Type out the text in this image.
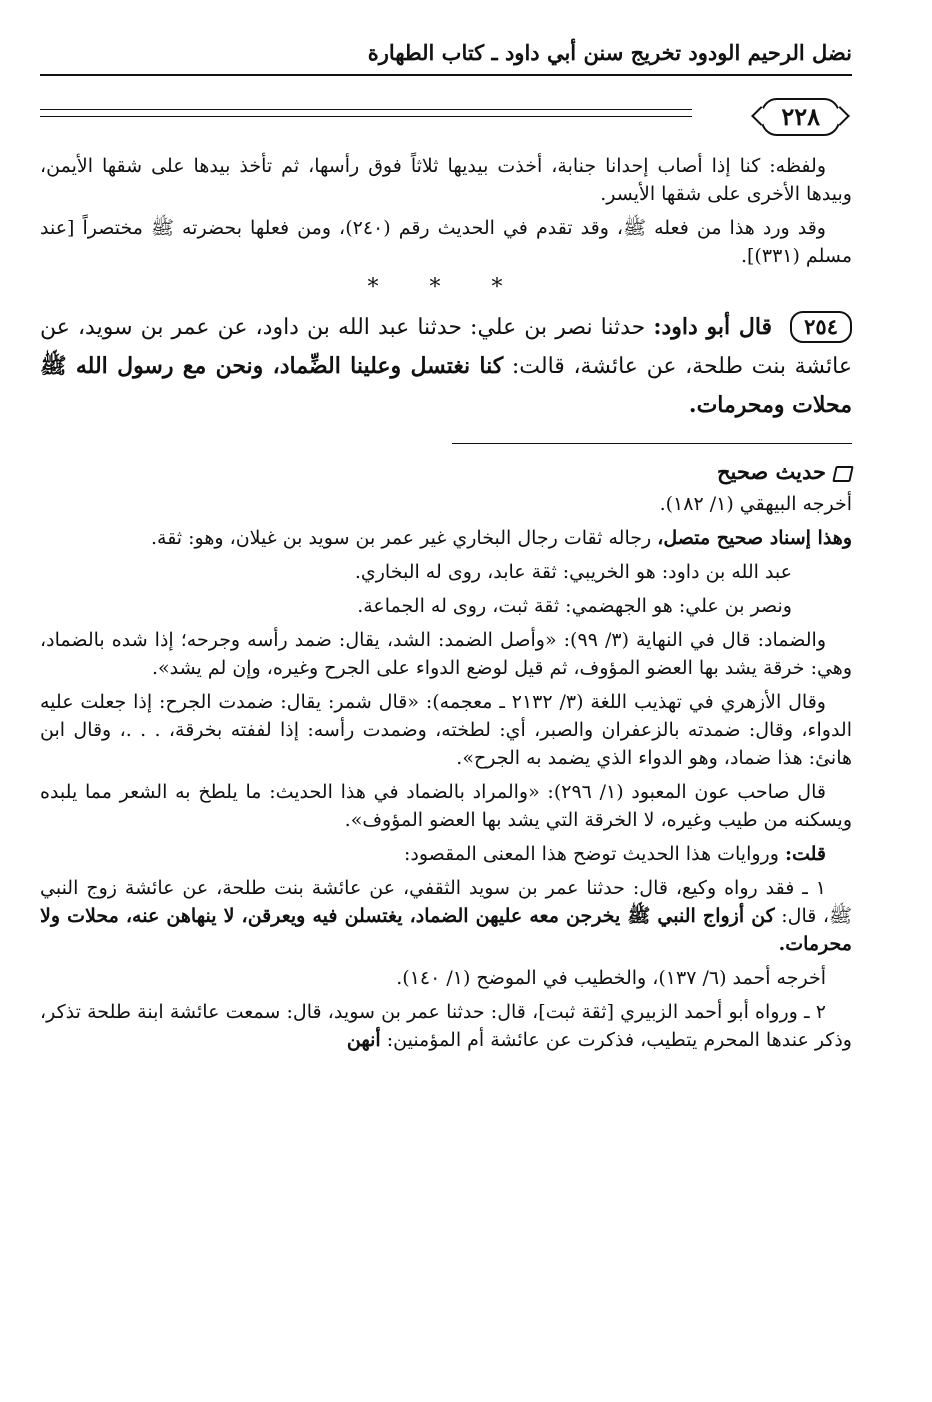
نضل الرحيم الودود تخريج سنن أبي داود ـ كتاب الطهارة
٢٢٨

ولفظه: كنا إذا أصاب إحدانا جنابة، أخذت بيديها ثلاثاً فوق رأسها، ثم تأخذ بيدها على شقها الأيمن، وبيدها الأخرى على شقها الأيسر.

وقد ورد هذا من فعله ﷺ، وقد تقدم في الحديث رقم (٢٤٠)، ومن فعلها بحضرته ﷺ مختصراً [عند مسلم (٣٣١)].

* * *

٢٥٤ قال أبو داود: حدثنا نصر بن علي: حدثنا عبد الله بن داود، عن عمر بن سويد، عن عائشة بنت طلحة، عن عائشة، قالت: كنا نغتسل وعلينا الضِّماد، ونحن مع رسول الله ﷺ محلات ومحرمات.

حديث صحيح

أخرجه البيهقي (١/ ١٨٢).

وهذا إسناد صحيح متصل، رجاله ثقات رجال البخاري غير عمر بن سويد بن غيلان، وهو: ثقة.

عبد الله بن داود: هو الخريبي: ثقة عابد، روى له البخاري.

ونصر بن علي: هو الجهضمي: ثقة ثبت، روى له الجماعة.

والضماد: قال في النهاية (٣/ ٩٩): «وأصل الضمد: الشد، يقال: ضمد رأسه وجرحه؛ إذا شده بالضماد، وهي: خرقة يشد بها العضو المؤوف، ثم قيل لوضع الدواء على الجرح وغيره، وإن لم يشد».

وقال الأزهري في تهذيب اللغة (٣/ ٢١٣٢ ـ معجمه): «قال شمر: يقال: ضمدت الجرح: إذا جعلت عليه الدواء، وقال: ضمدته بالزعفران والصبر، أي: لطخته، وضمدت رأسه: إذا لففته بخرقة، . . .، وقال ابن هانئ: هذا ضماد، وهو الدواء الذي يضمد به الجرح».

قال صاحب عون المعبود (١/ ٢٩٦): «والمراد بالضماد في هذا الحديث: ما يلطخ به الشعر مما يلبده ويسكنه من طيب وغيره، لا الخرقة التي يشد بها العضو المؤوف».

قلت: وروايات هذا الحديث توضح هذا المعنى المقصود:

١ ـ فقد رواه وكيع، قال: حدثنا عمر بن سويد الثقفي، عن عائشة بنت طلحة، عن عائشة زوج النبي ﷺ، قال: كن أزواج النبي ﷺ يخرجن معه عليهن الضماد، يغتسلن فيه ويعرقن، لا ينهاهن عنه، محلات ولا محرمات.

أخرجه أحمد (٦/ ١٣٧)، والخطيب في الموضح (١/ ١٤٠).

٢ ـ ورواه أبو أحمد الزبيري [ثقة ثبت]، قال: حدثنا عمر بن سويد، قال: سمعت عائشة ابنة طلحة تذكر، وذكر عندها المحرم يتطيب، فذكرت عن عائشة أم المؤمنين: أنهن
